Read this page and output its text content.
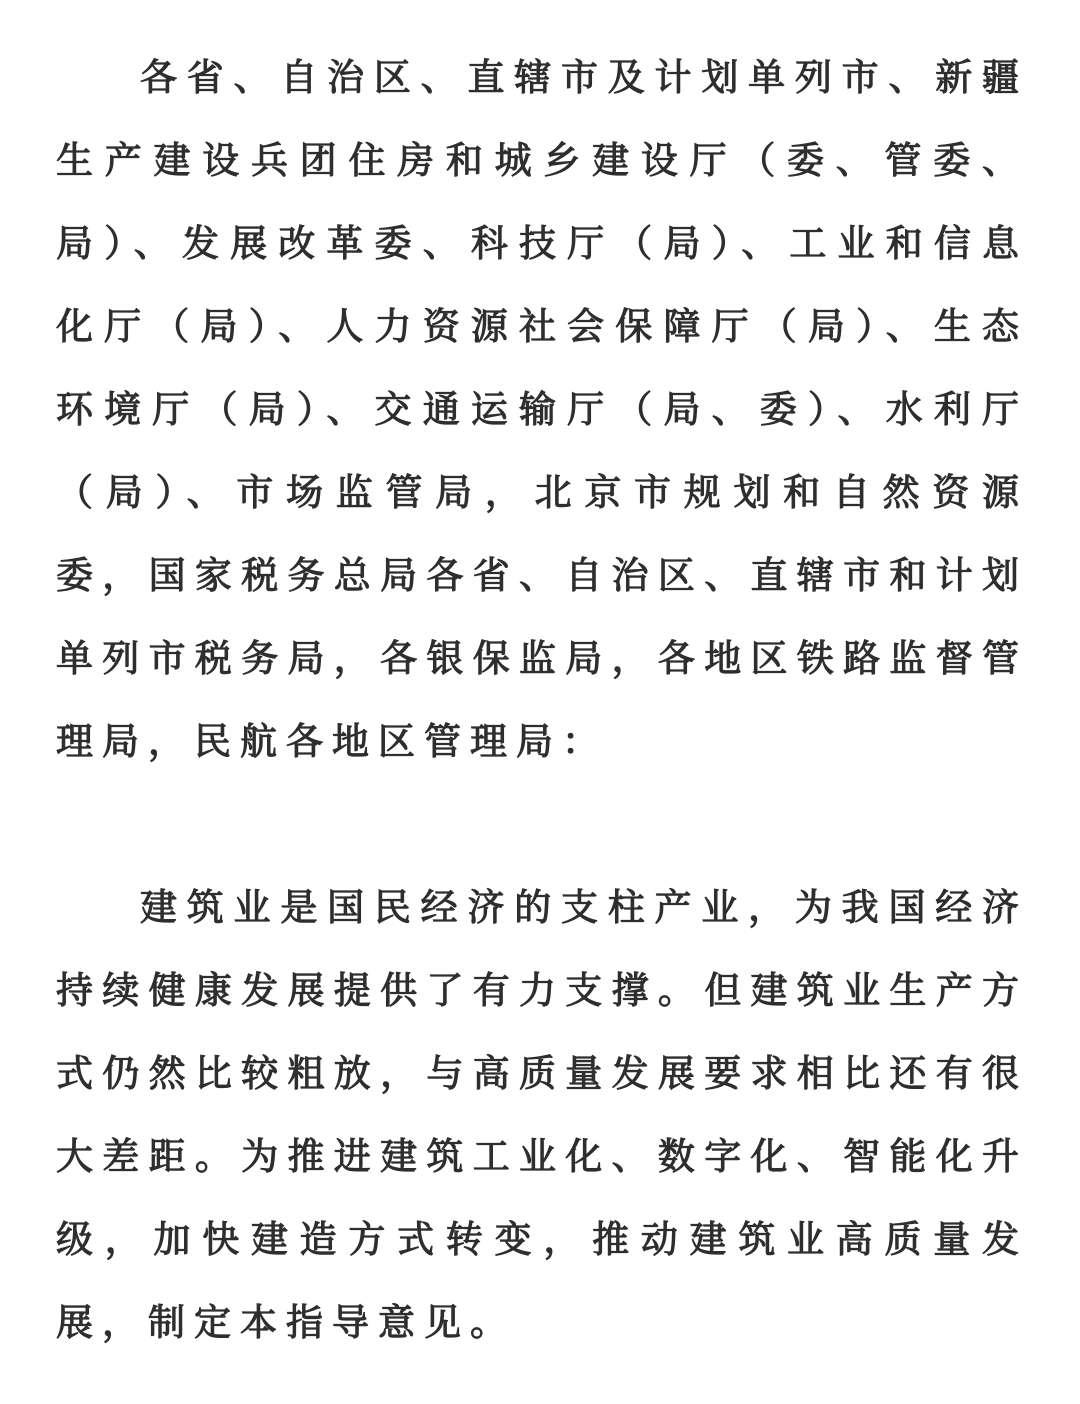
各省、自治区、直辖市及计划单列市、新疆生产建设兵团住房和城乡建设厅（委、管委、局）、发展改革委、科技厅（局）、工业和信息化厅（局）、人力资源社会保障厅（局）、生态环境厅（局）、交通运输厅（局、委）、水利厅（局）、市场监管局，北京市规划和自然资源委，国家税务总局各省、自治区、直辖市和计划单列市税务局，各银保监局，各地区铁路监督管理局，民航各地区管理局：

建筑业是国民经济的支柱产业，为我国经济持续健康发展提供了有力支撑。但建筑业生产方式仍然比较粗放，与高质量发展要求相比还有很大差距。为推进建筑工业化、数字化、智能化升级，加快建造方式转变，推动建筑业高质量发展，制定本指导意见。
